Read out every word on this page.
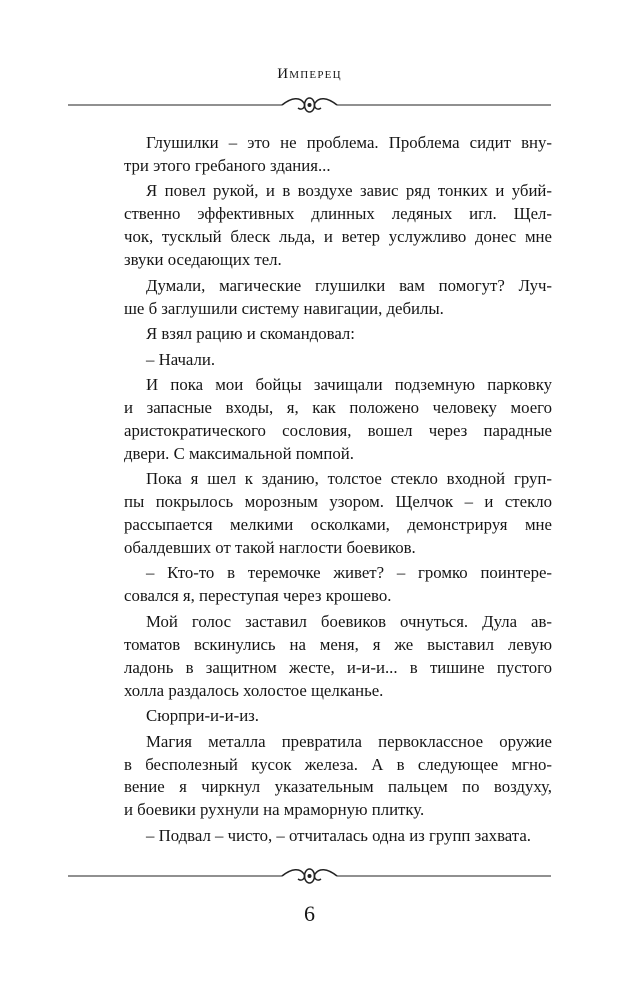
Имперец

Глушилки – это не проблема. Проблема сидит вну-
три этого гребаного здания...

Я повел рукой, и в воздухе завис ряд тонких и убий-
ственно эффективных длинных ледяных игл. Щел-
чок, тусклый блеск льда, и ветер услужливо донес мне
звуки оседающих тел.

Думали, магические глушилки вам помогут? Луч-
ше б заглушили систему навигации, дебилы.

Я взял рацию и скомандовал:

– Начали.

И пока мои бойцы зачищали подземную парковку
и запасные входы, я, как положено человеку моего
аристократического сословия, вошел через парадные
двери. С максимальной помпой.

Пока я шел к зданию, толстое стекло входной груп-
пы покрылось морозным узором. Щелчок – и стекло
рассыпается мелкими осколками, демонстрируя мне
обалдевших от такой наглости боевиков.

– Кто-то в теремочке живет? – громко поинтере-
совался я, переступая через крошево.

Мой голос заставил боевиков очнуться. Дула ав-
томатов вскинулись на меня, я же выставил левую
ладонь в защитном жесте, и-и-и... в тишине пустого
холла раздалось холостое щелканье.

Сюрпри-и-и-из.

Магия металла превратила первоклассное оружие
в бесполезный кусок железа. А в следующее мгно-
вение я чиркнул указательным пальцем по воздуху,
и боевики рухнули на мраморную плитку.

– Подвал – чисто, – отчиталась одна из групп захвата.

6
